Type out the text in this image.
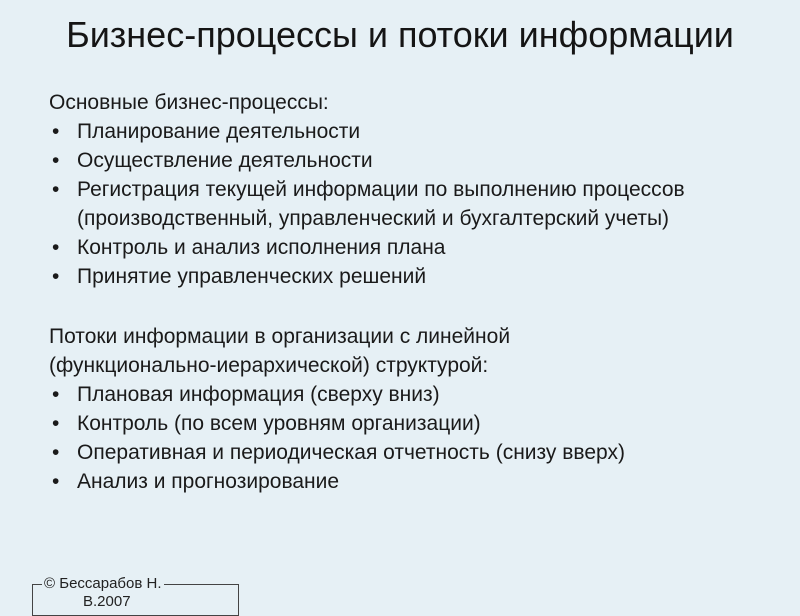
Бизнес-процессы и потоки информации
Основные бизнес-процессы:
• Планирование деятельности
• Осуществление деятельности
• Регистрация текущей информации по выполнению процессов (производственный, управленческий и бухгалтерский учеты)
• Контроль и анализ исполнения плана
• Принятие управленческих решений
Потоки информации в организации с линейной
(функционально-иерархической) структурой:
• Плановая информация (сверху вниз)
• Контроль (по всем уровням организации)
• Оперативная и периодическая отчетность (снизу вверх)
• Анализ и прогнозирование
© Бессарабов Н.
В.2007
